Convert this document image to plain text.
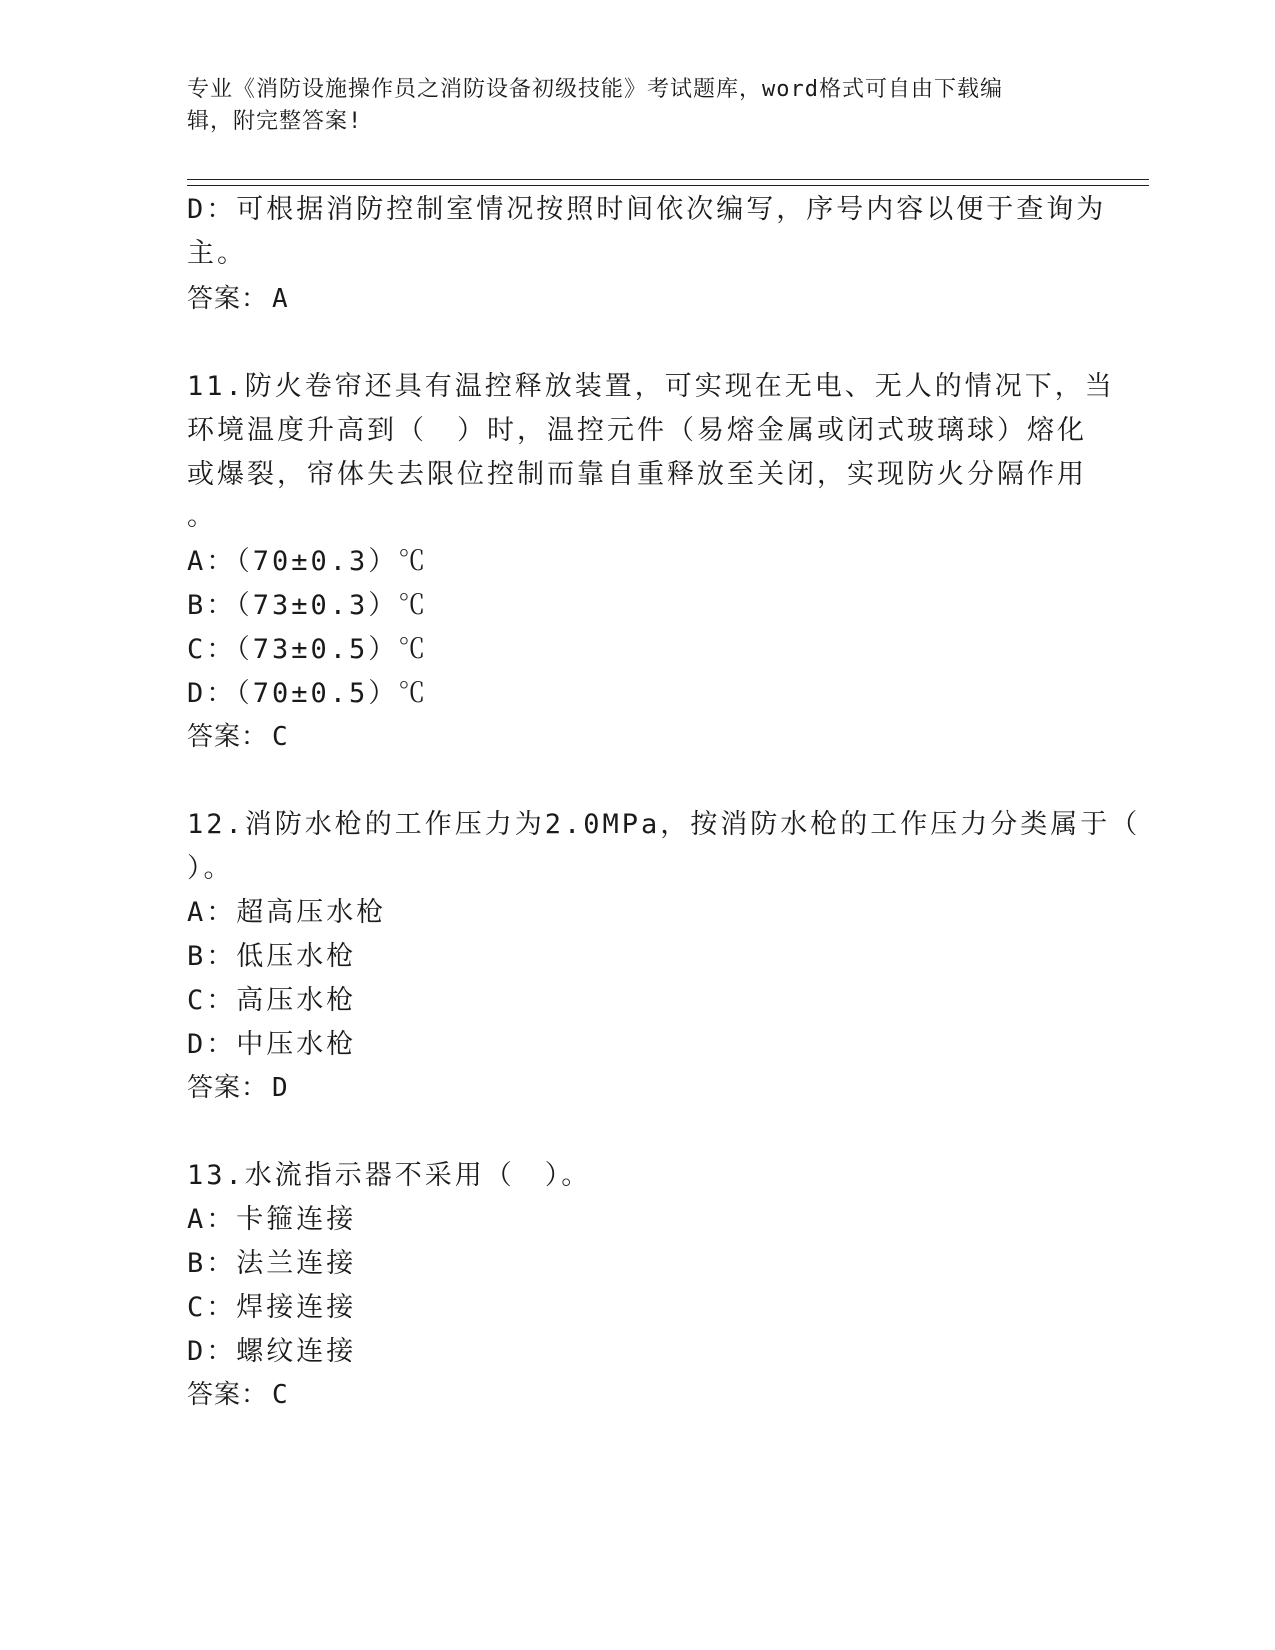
专业《消防设施操作员之消防设备初级技能》考试题库，word格式可自由下载编
辑，附完整答案!
D：可根据消防控制室情况按照时间依次编写，序号内容以便于查询为
主。
答案： A
11.防火卷帘还具有温控释放装置，可实现在无电、无人的情况下，当
环境温度升高到（　）时，温控元件（易熔金属或闭式玻璃球）熔化
或爆裂，帘体失去限位控制而靠自重释放至关闭，实现防火分隔作用
。
A：（70±0.3）℃
B：（73±0.3）℃
C：（73±0.5）℃
D：（70±0.5）℃
答案： C
12.消防水枪的工作压力为2.0MPa，按消防水枪的工作压力分类属于（
）。
A：超高压水枪
B：低压水枪
C：高压水枪
D：中压水枪
答案： D
13.水流指示器不采用（　）。
A：卡箍连接
B：法兰连接
C：焊接连接
D：螺纹连接
答案： C
